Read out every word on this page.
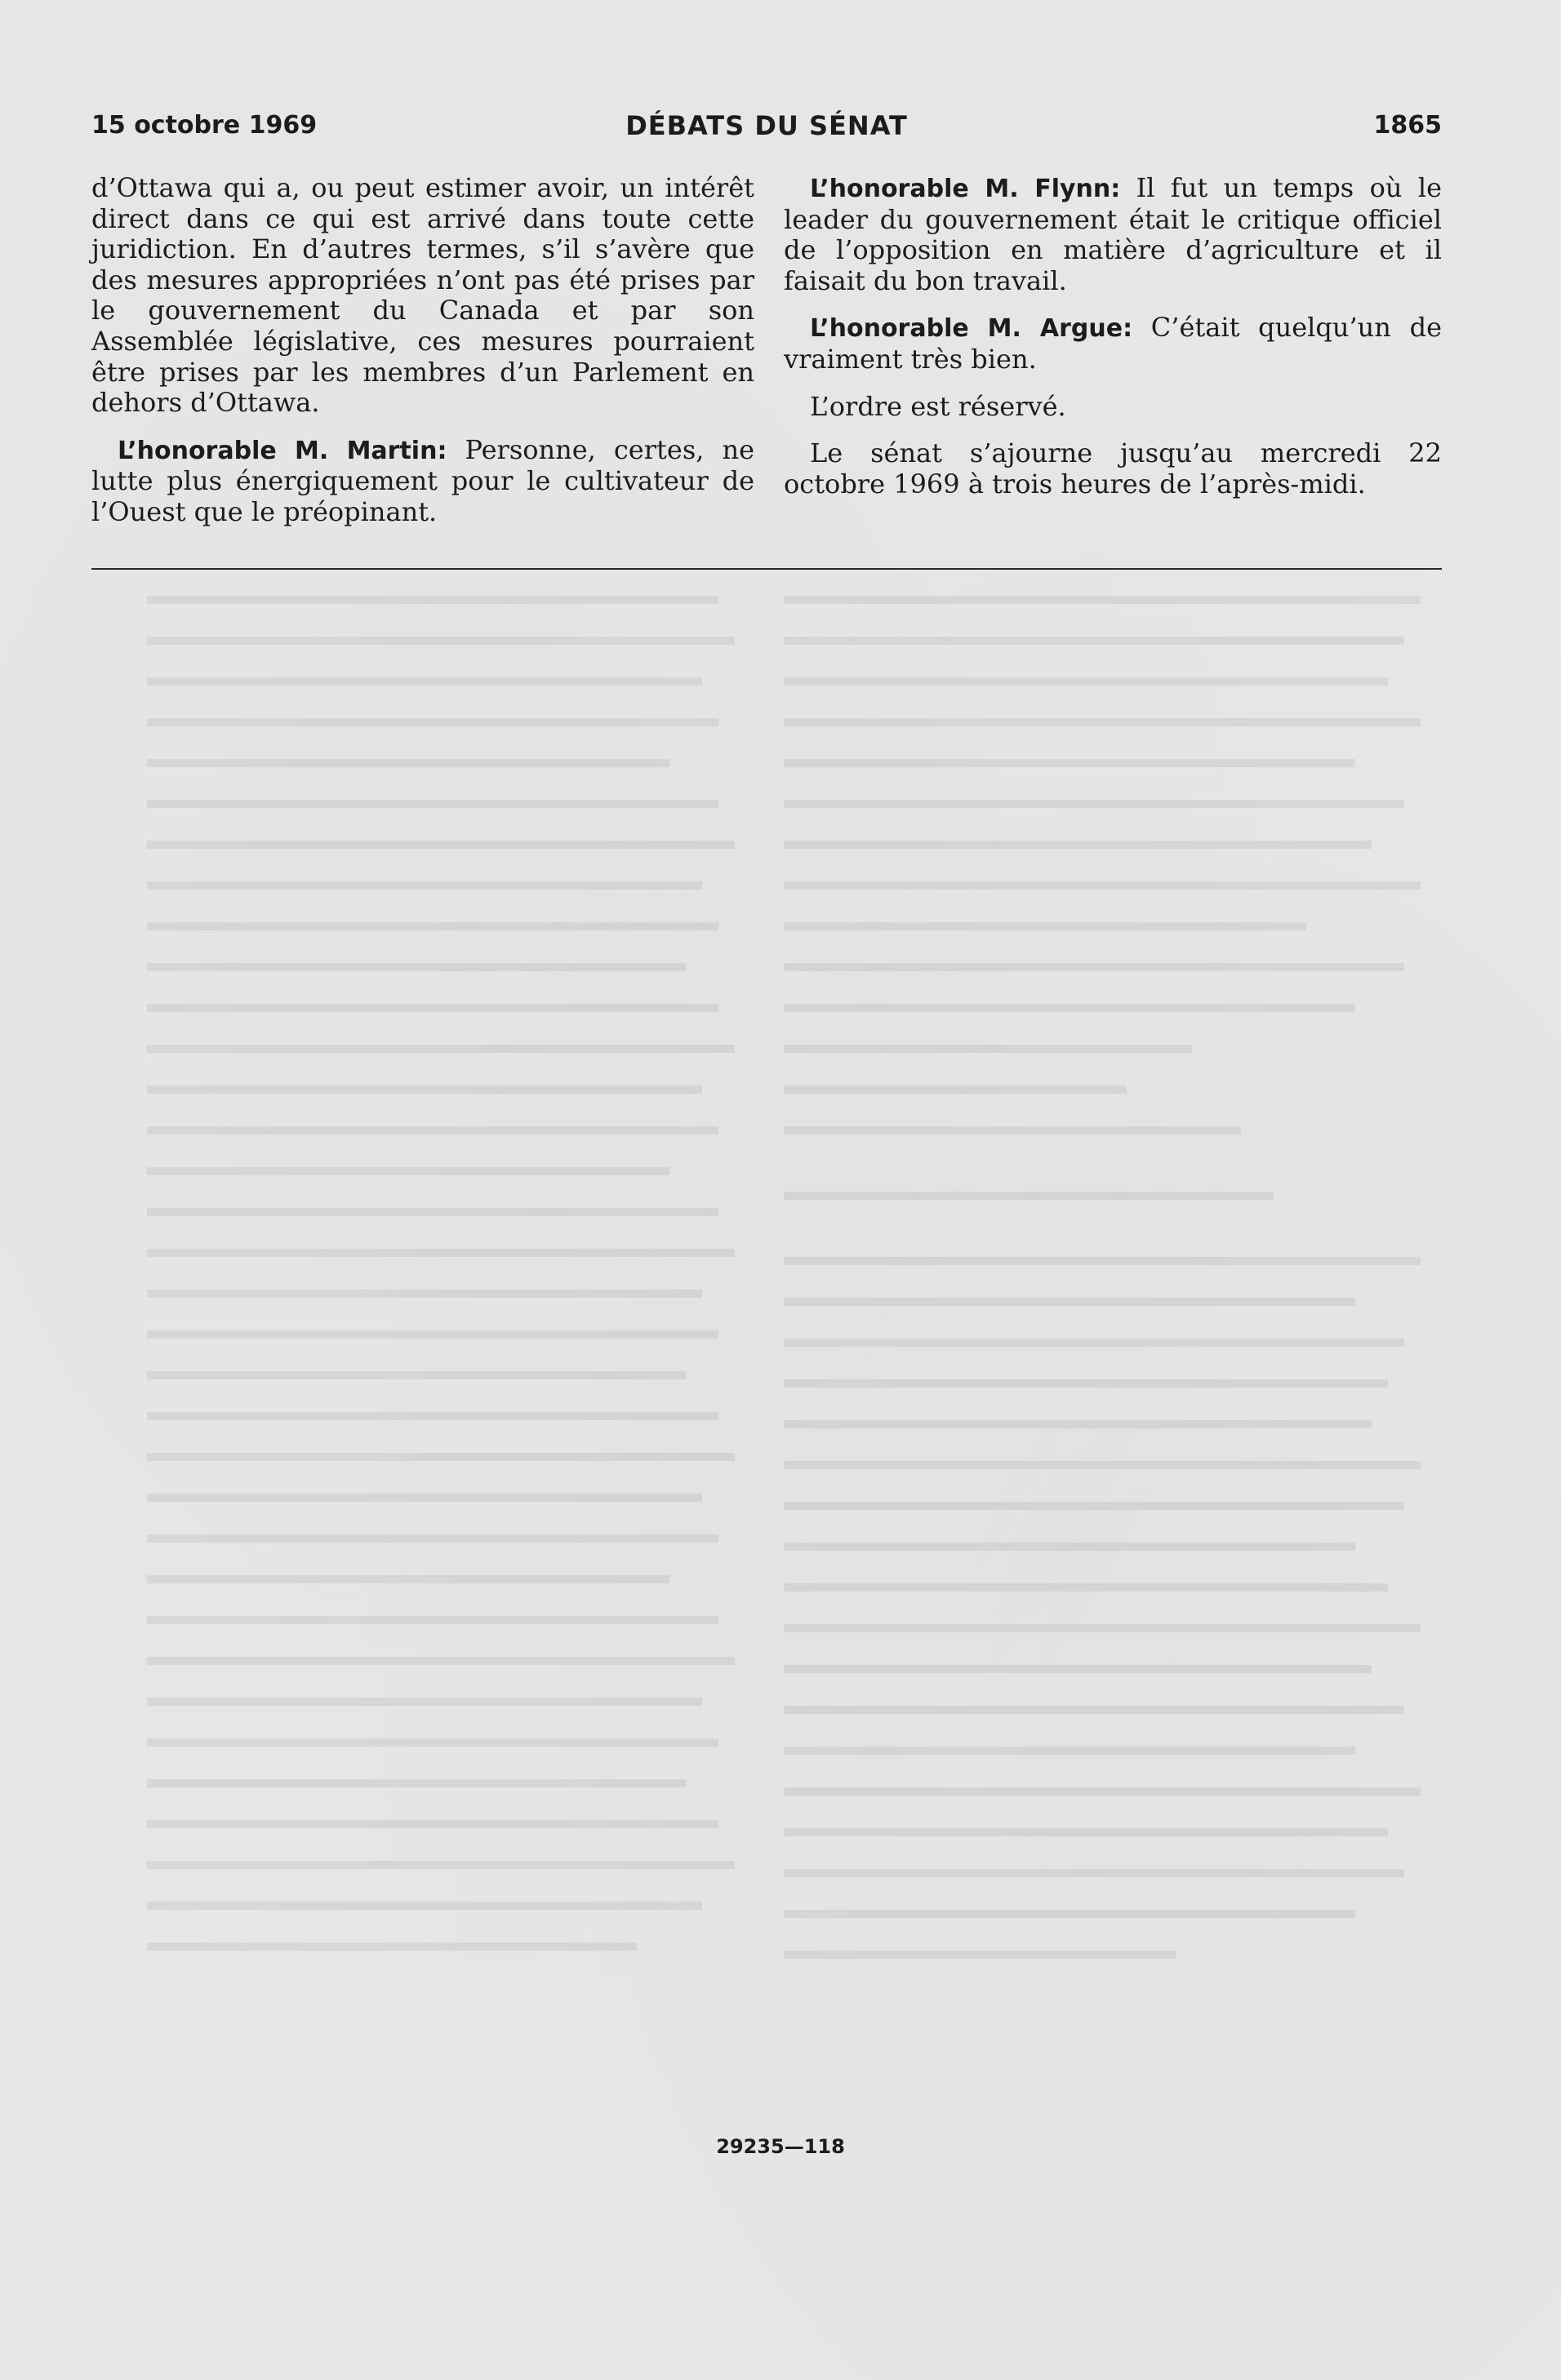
DÉBATS DU SÉNAT
15 octobre 1969	1865

d’Ottawa qui a, ou peut estimer avoir, un intérêt direct dans ce qui est arrivé dans toute cette juridiction. En d’autres termes, s’il s’avère que des mesures appropriées n’ont pas été prises par le gouvernement du Canada et par son Assemblée législative, ces mesures pourraient être prises par les membres d’un Parlement en dehors d’Ottawa.

L’honorable M. Martin: Personne, certes, ne lutte plus énergiquement pour le cultivateur de l’Ouest que le préopinant.

L’honorable M. Flynn: Il fut un temps où le leader du gouvernement était le critique officiel de l’opposition en matière d’agriculture et il faisait du bon travail.

L’honorable M. Argue: C’était quelqu’un de vraiment très bien.

L’ordre est réservé.

Le sénat s’ajourne jusqu’au mercredi 22 octobre 1969 à trois heures de l’après-midi.

29235—118
